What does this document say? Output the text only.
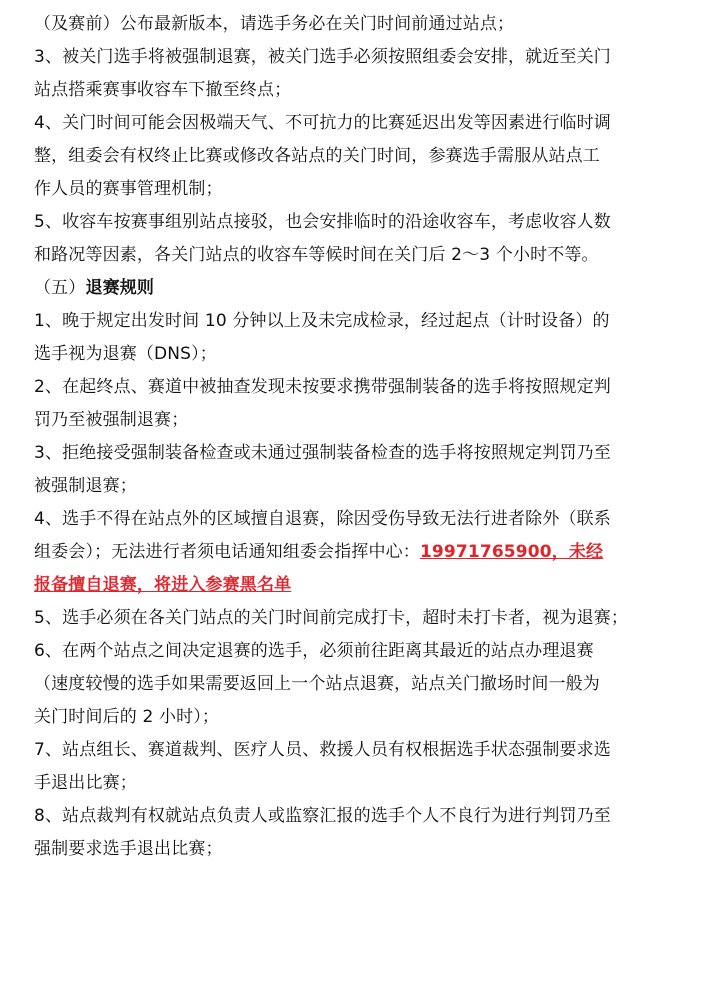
（及赛前）公布最新版本，请选手务必在关门时间前通过站点；
3、被关门选手将被强制退赛，被关门选手必须按照组委会安排，就近至关门
站点搭乘赛事收容车下撤至终点；
4、关门时间可能会因极端天气、不可抗力的比赛延迟出发等因素进行临时调
整，组委会有权终止比赛或修改各站点的关门时间，参赛选手需服从站点工
作人员的赛事管理机制；
5、收容车按赛事组别站点接驳，也会安排临时的沿途收容车，考虑收容人数
和路况等因素，各关门站点的收容车等候时间在关门后 2～3 个小时不等。
（五）退赛规则
1、晚于规定出发时间 10 分钟以上及未完成检录，经过起点（计时设备）的
选手视为退赛（DNS）；
2、在起终点、赛道中被抽查发现未按要求携带强制装备的选手将按照规定判
罚乃至被强制退赛；
3、拒绝接受强制装备检查或未通过强制装备检查的选手将按照规定判罚乃至
被强制退赛；
4、选手不得在站点外的区域擅自退赛，除因受伤导致无法行进者除外（联系
组委会）；无法进行者须电话通知组委会指挥中心：19971765900，未经
报备擅自退赛，将进入参赛黑名单
5、选手必须在各关门站点的关门时间前完成打卡，超时未打卡者，视为退赛；
6、在两个站点之间决定退赛的选手，必须前往距离其最近的站点办理退赛
（速度较慢的选手如果需要返回上一个站点退赛，站点关门撤场时间一般为
关门时间后的 2 小时）；
7、站点组长、赛道裁判、医疗人员、救援人员有权根据选手状态强制要求选
手退出比赛；
8、站点裁判有权就站点负责人或监察汇报的选手个人不良行为进行判罚乃至
强制要求选手退出比赛；
